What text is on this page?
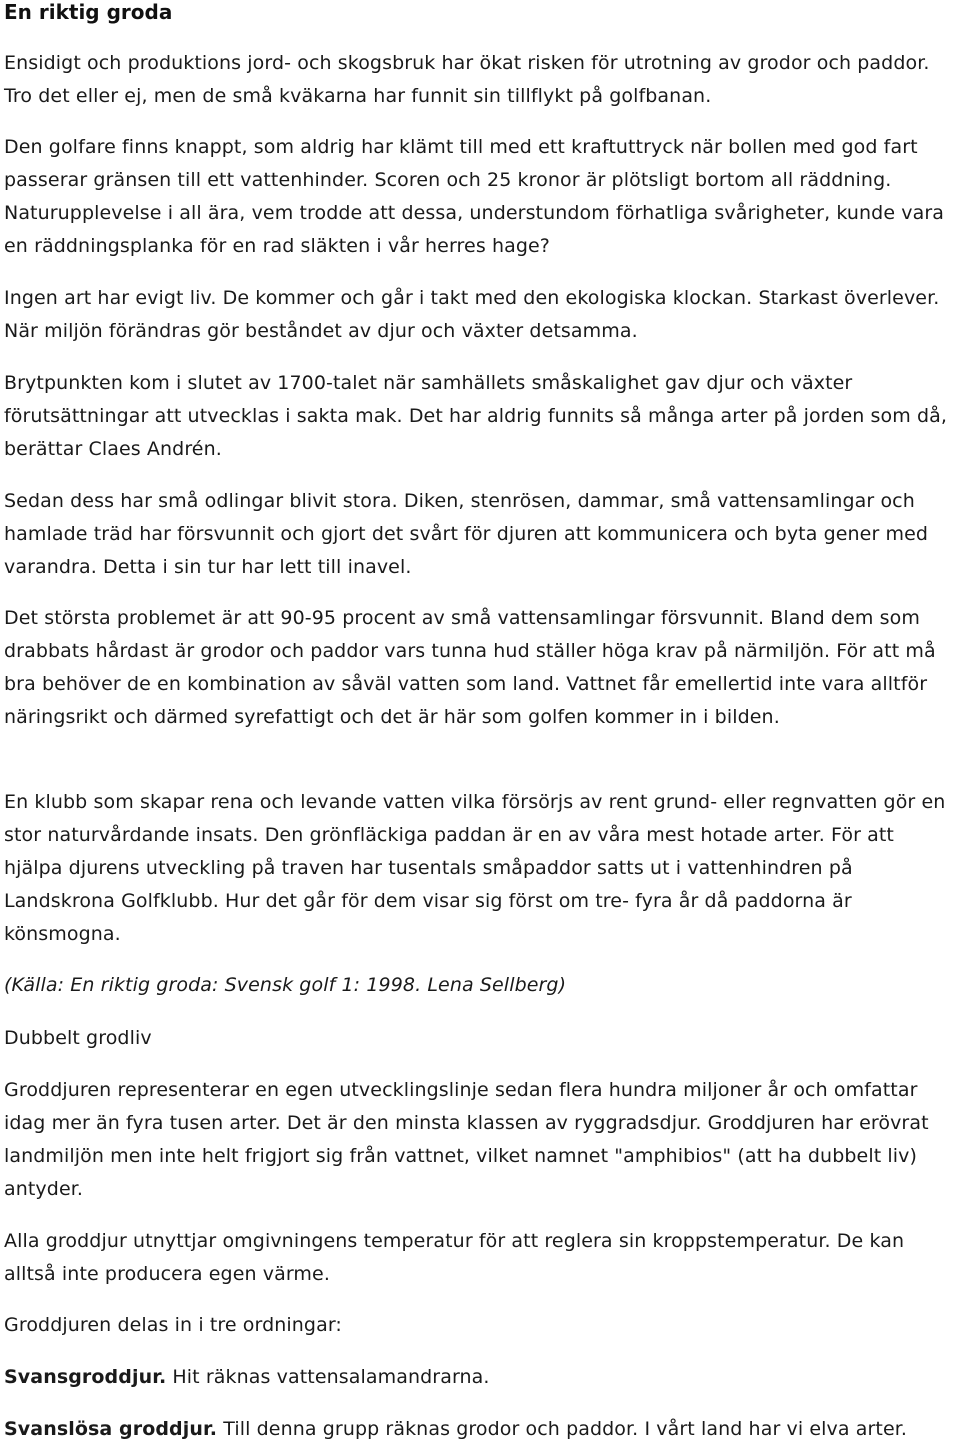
En riktig groda

Ensidigt och produktions jord- och skogsbruk har ökat risken för utrotning av grodor och paddor. Tro det eller ej, men de små kväkarna har funnit sin tillflykt på golfbanan.

Den golfare finns knappt, som aldrig har klämt till med ett kraftuttryck när bollen med god fart passerar gränsen till ett vattenhinder. Scoren och 25 kronor är plötsligt bortom all räddning. Naturupplevelse i all ära, vem trodde att dessa, understundom förhatliga svårigheter, kunde vara en räddningsplanka för en rad släkten i vår herres hage?

Ingen art har evigt liv. De kommer och går i takt med den ekologiska klockan. Starkast överlever. När miljön förändras gör beståndet av djur och växter detsamma.

Brytpunkten kom i slutet av 1700-talet när samhällets småskalighet gav djur och växter förutsättningar att utvecklas i sakta mak. Det har aldrig funnits så många arter på jorden som då, berättar Claes Andrén.

Sedan dess har små odlingar blivit stora. Diken, stenrösen, dammar, små vattensamlingar och hamlade träd har försvunnit och gjort det svårt för djuren att kommunicera och byta gener med varandra. Detta i sin tur har lett till inavel.

Det största problemet är att 90-95 procent av små vattensamlingar försvunnit. Bland dem som drabbats hårdast är grodor och paddor vars tunna hud ställer höga krav på närmiljön. För att må bra behöver de en kombination av såväl vatten som land. Vattnet får emellertid inte vara alltför näringsrikt och därmed syrefattigt och det är här som golfen kommer in i bilden.

En klubb som skapar rena och levande vatten vilka försörjs av rent grund- eller regnvatten gör en stor naturvårdande insats. Den grönfläckiga paddan är en av våra mest hotade arter. För att hjälpa djurens utveckling på traven har tusentals småpaddor satts ut i vattenhindren på Landskrona Golfklubb. Hur det går för dem visar sig först om tre- fyra år då paddorna är könsmogna.

(Källa: En riktig groda: Svensk golf 1: 1998. Lena Sellberg)

Dubbelt grodliv

Groddjuren representerar en egen utvecklingslinje sedan flera hundra miljoner år och omfattar idag mer än fyra tusen arter. Det är den minsta klassen av ryggradsdjur. Groddjuren har erövrat landmiljön men inte helt frigjort sig från vattnet, vilket namnet "amphibios" (att ha dubbelt liv) antyder.

Alla groddjur utnyttjar omgivningens temperatur för att reglera sin kroppstemperatur. De kan alltså inte producera egen värme.

Groddjuren delas in i tre ordningar:

Svansgroddjur. Hit räknas vattensalamandrarna.

Svanslösa groddjur. Till denna grupp räknas grodor och paddor. I vårt land har vi elva arter.
